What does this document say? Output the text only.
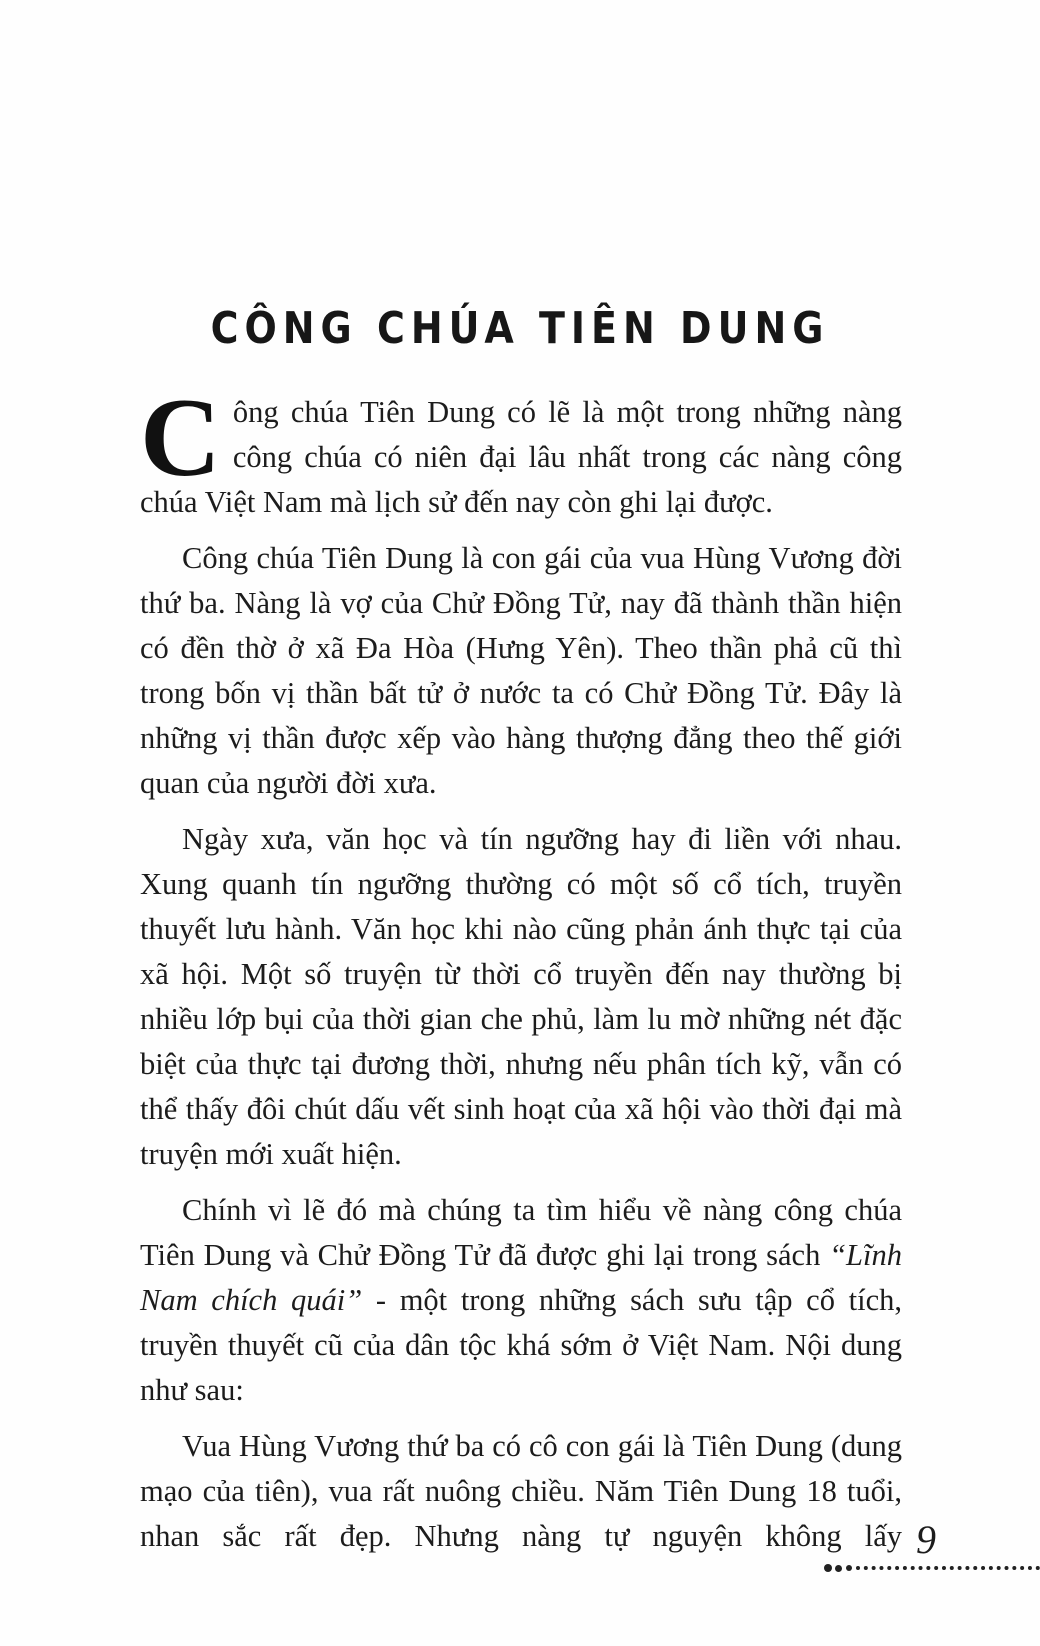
CÔNG CHÚA TIÊN DUNG

Công chúa Tiên Dung có lẽ là một trong những nàng công chúa có niên đại lâu nhất trong các nàng công chúa Việt Nam mà lịch sử đến nay còn ghi lại được.

Công chúa Tiên Dung là con gái của vua Hùng Vương đời thứ ba. Nàng là vợ của Chử Đồng Tử, nay đã thành thần hiện có đền thờ ở xã Đa Hòa (Hưng Yên). Theo thần phả cũ thì trong bốn vị thần bất tử ở nước ta có Chử Đồng Tử. Đây là những vị thần được xếp vào hàng thượng đẳng theo thế giới quan của người đời xưa.

Ngày xưa, văn học và tín ngưỡng hay đi liền với nhau. Xung quanh tín ngưỡng thường có một số cổ tích, truyền thuyết lưu hành. Văn học khi nào cũng phản ánh thực tại của xã hội. Một số truyện từ thời cổ truyền đến nay thường bị nhiều lớp bụi của thời gian che phủ, làm lu mờ những nét đặc biệt của thực tại đương thời, nhưng nếu phân tích kỹ, vẫn có thể thấy đôi chút dấu vết sinh hoạt của xã hội vào thời đại mà truyện mới xuất hiện.

Chính vì lẽ đó mà chúng ta tìm hiểu về nàng công chúa Tiên Dung và Chử Đồng Tử đã được ghi lại trong sách “Lĩnh Nam chích quái” - một trong những sách sưu tập cổ tích, truyền thuyết cũ của dân tộc khá sớm ở Việt Nam. Nội dung như sau:

Vua Hùng Vương thứ ba có cô con gái là Tiên Dung (dung mạo của tiên), vua rất nuông chiều. Năm Tiên Dung 18 tuổi, nhan sắc rất đẹp. Nhưng nàng tự nguyện không lấy 9
